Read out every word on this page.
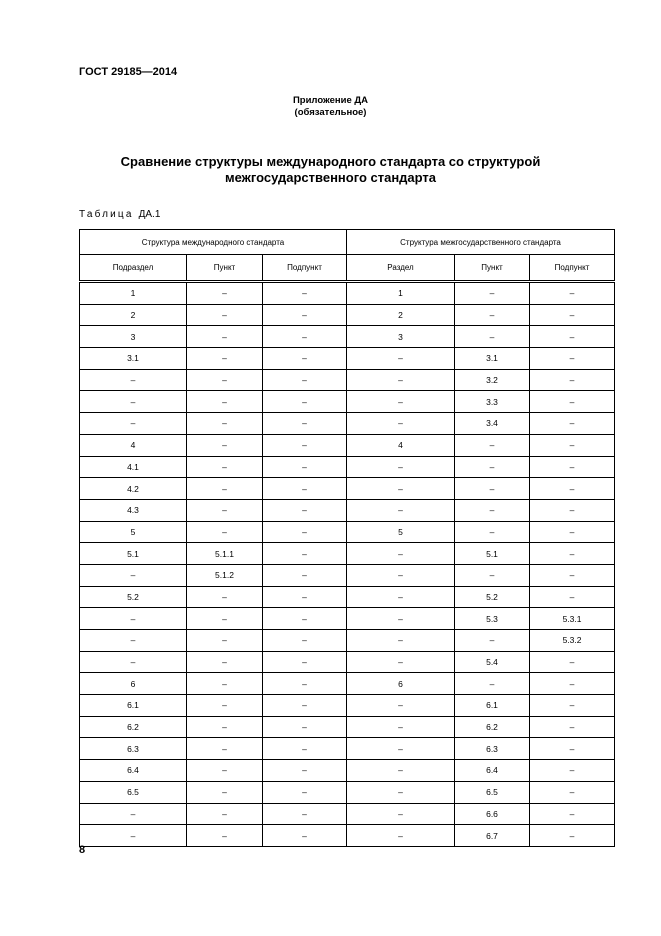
ГОСТ 29185—2014
Приложение ДА
(обязательное)
Сравнение структуры международного стандарта со структурой
межгосударственного стандарта
Таблица ДА.1
Структура международного стандарта			Структура межгосударственного стандарта		
Подраздел	Пункт	Подпункт	Раздел	Пункт	Подпункт
1	–	–	1	–	–
2	–	–	2	–	–
3	–	–	3	–	–
3.1	–	–	–	3.1	–
–	–	–	–	3.2	–
–	–	–	–	3.3	–
–	–	–	–	3.4	–
4	–	–	4	–	–
4.1	–	–	–	–	–
4.2	–	–	–	–	–
4.3	–	–	–	–	–
5	–	–	5	–	–
5.1	5.1.1	–	–	5.1	–
–	5.1.2	–	–	–	–
5.2	–	–	–	5.2	–
–	–	–	–	5.3	5.3.1
–	–	–	–	–	5.3.2
–	–	–	–	5.4	–
6	–	–	6	–	–
6.1	–	–	–	6.1	–
6.2	–	–	–	6.2	–
6.3	–	–	–	6.3	–
6.4	–	–	–	6.4	–
6.5	–	–	–	6.5	–
–	–	–	–	6.6	–
–	–	–	–	6.7	–
8
